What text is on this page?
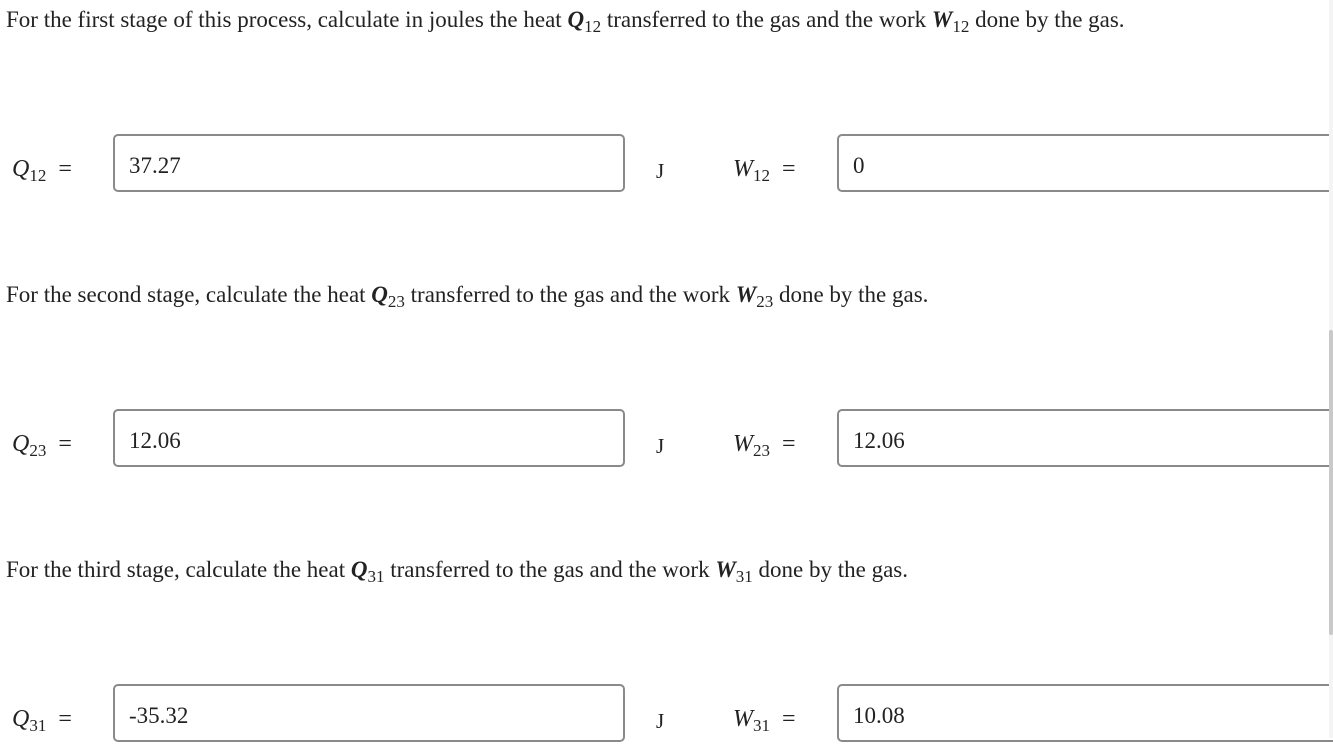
For the first stage of this process, calculate in joules the heat $Q_{12}$ transferred to the gas and the work $W_{12}$ done by the gas.
$Q_{12}$ =
37.27	J	$W_{12}$ =
0
For the second stage, calculate the heat $Q_{23}$ transferred to the gas and the work $W_{23}$ done by the gas.
$Q_{23}$ =
12.06	J	$W_{23}$ =
12.06
For the third stage, calculate the heat $Q_{31}$ transferred to the gas and the work $W_{31}$ done by the gas.
$Q_{31}$ =
-35.32	J	$W_{31}$ =
10.08
